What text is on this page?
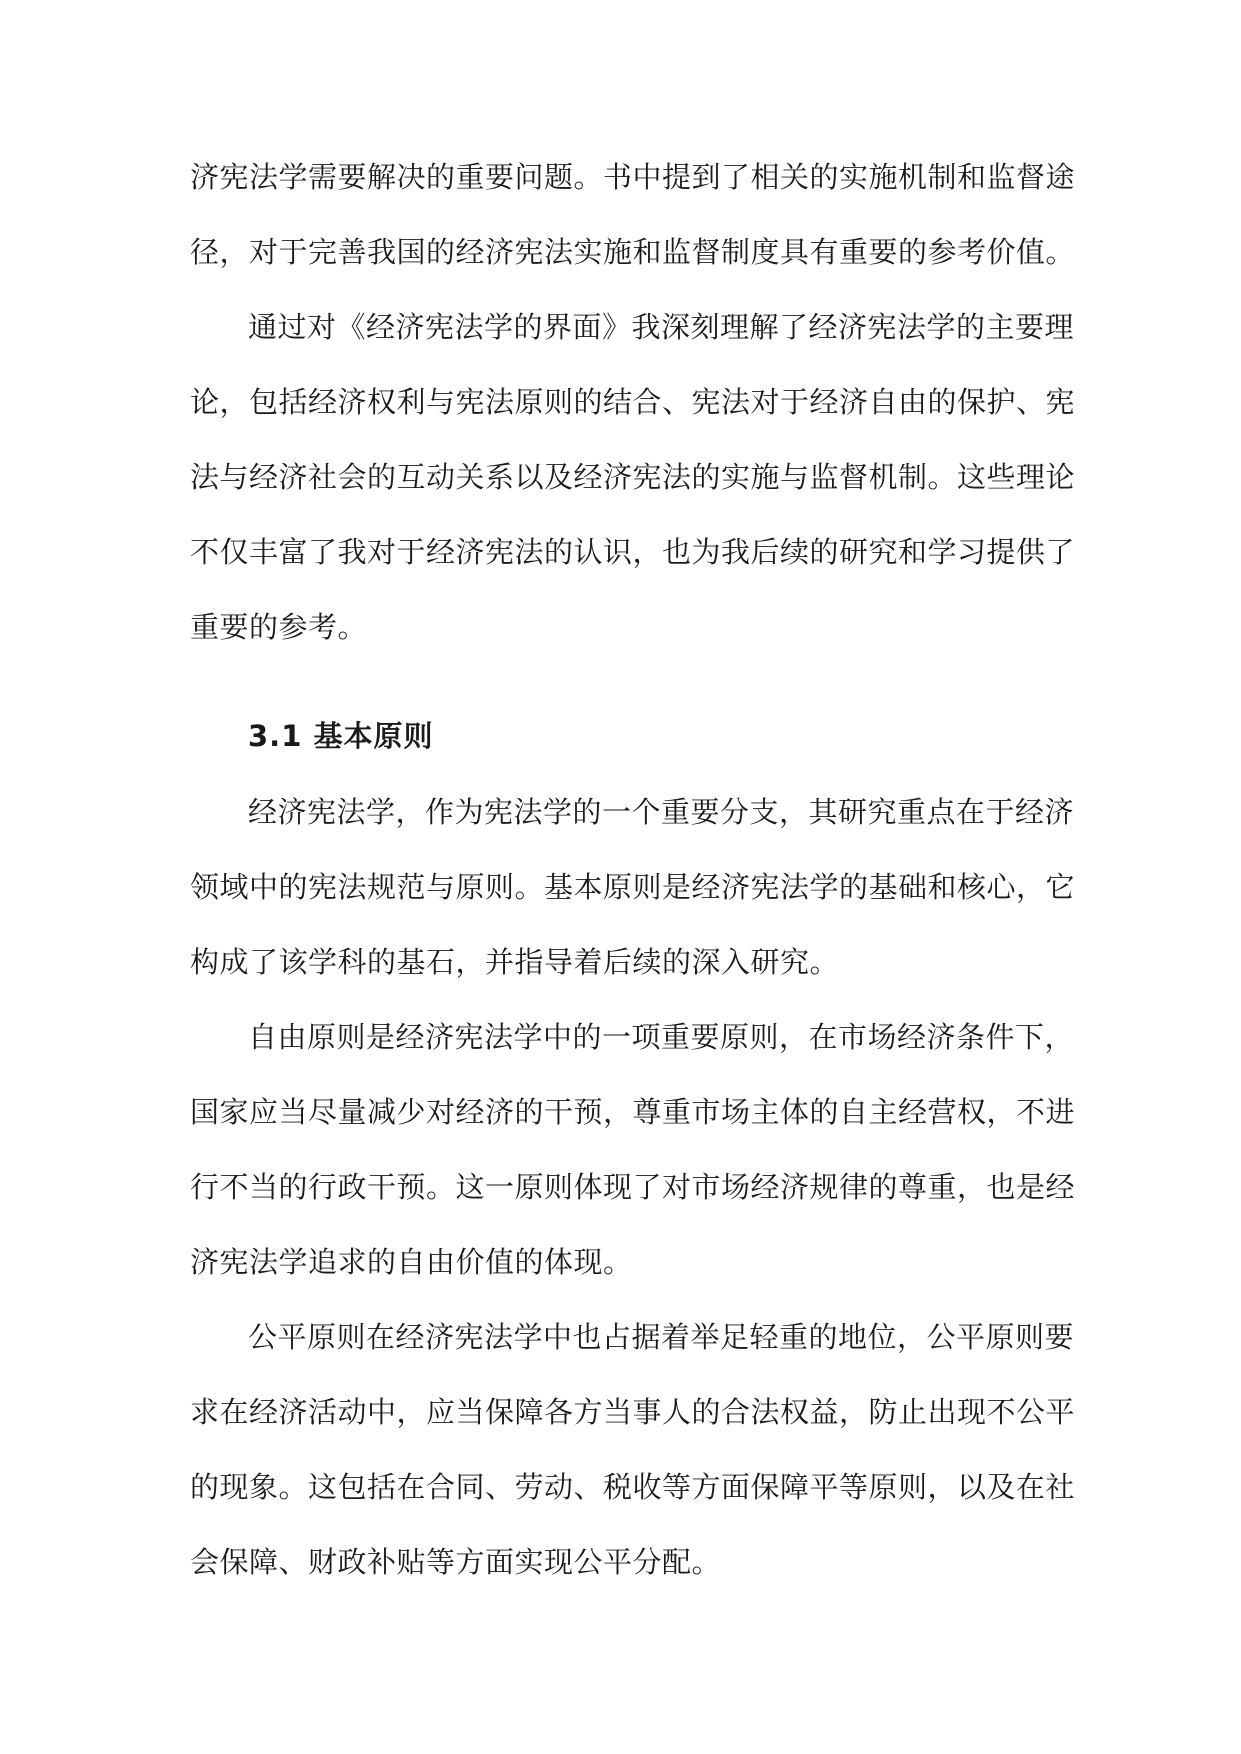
济宪法学需要解决的重要问题。书中提到了相关的实施机制和监督途
径，对于完善我国的经济宪法实施和监督制度具有重要的参考价值。
通过对《经济宪法学的界面》我深刻理解了经济宪法学的主要理
论，包括经济权利与宪法原则的结合、宪法对于经济自由的保护、宪
法与经济社会的互动关系以及经济宪法的实施与监督机制。这些理论
不仅丰富了我对于经济宪法的认识，也为我后续的研究和学习提供了
重要的参考。
3.1 基本原则
经济宪法学，作为宪法学的一个重要分支，其研究重点在于经济
领域中的宪法规范与原则。基本原则是经济宪法学的基础和核心，它
构成了该学科的基石，并指导着后续的深入研究。
自由原则是经济宪法学中的一项重要原则，在市场经济条件下，
国家应当尽量减少对经济的干预，尊重市场主体的自主经营权，不进
行不当的行政干预。这一原则体现了对市场经济规律的尊重，也是经
济宪法学追求的自由价值的体现。
公平原则在经济宪法学中也占据着举足轻重的地位，公平原则要
求在经济活动中，应当保障各方当事人的合法权益，防止出现不公平
的现象。这包括在合同、劳动、税收等方面保障平等原则，以及在社
会保障、财政补贴等方面实现公平分配。
